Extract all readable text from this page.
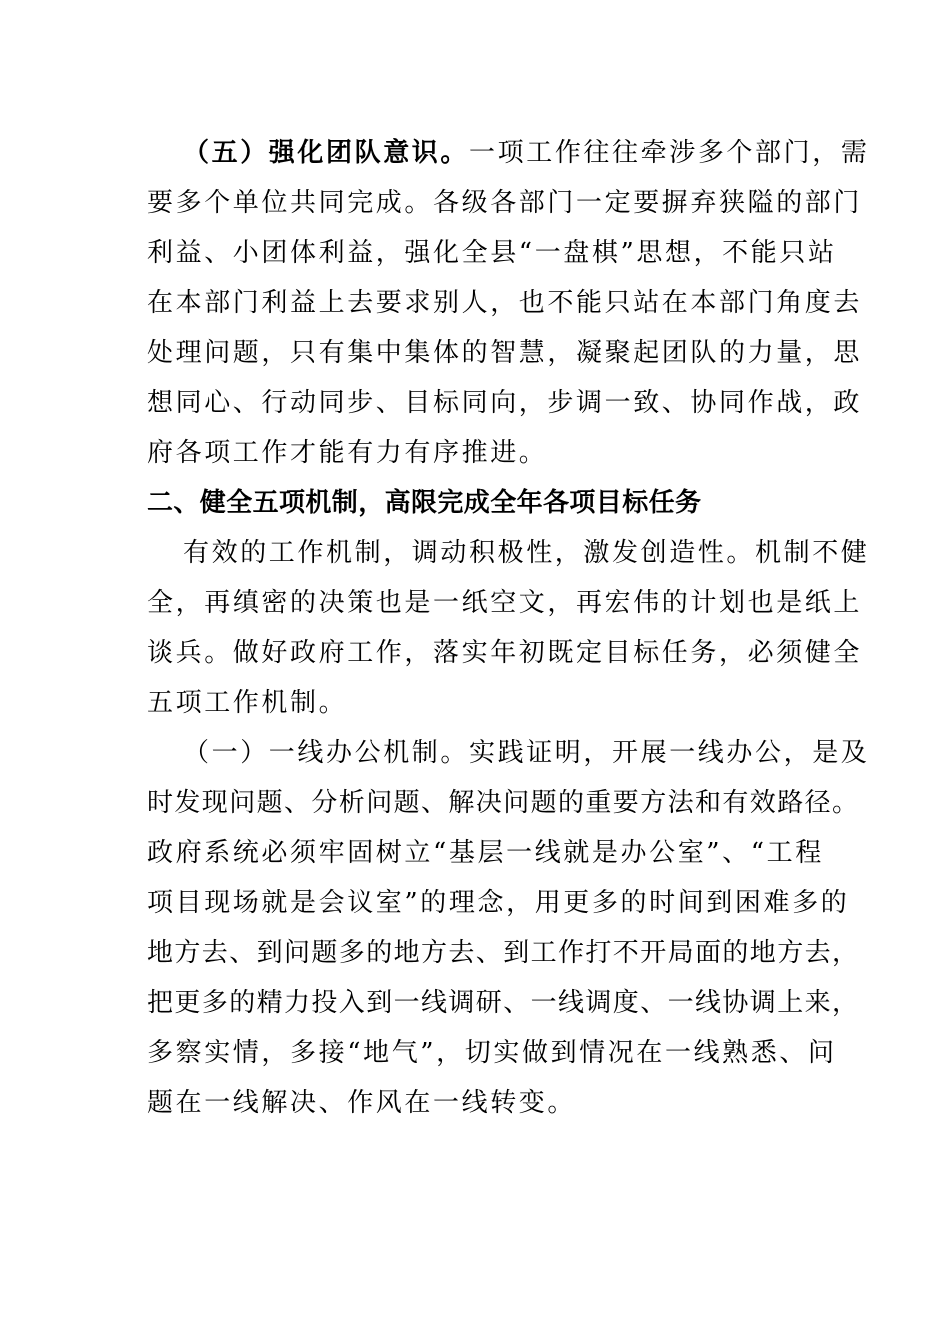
（五）强化团队意识。一项工作往往牵涉多个部门，需
要多个单位共同完成。各级各部门一定要摒弃狭隘的部门
利益、小团体利益，强化全县“一盘棋”思想，不能只站
在本部门利益上去要求别人，也不能只站在本部门角度去
处理问题，只有集中集体的智慧，凝聚起团队的力量，思
想同心、行动同步、目标同向，步调一致、协同作战，政
府各项工作才能有力有序推进。
二、健全五项机制，高限完成全年各项目标任务
有效的工作机制，调动积极性，激发创造性。机制不健
全，再缜密的决策也是一纸空文，再宏伟的计划也是纸上
谈兵。做好政府工作，落实年初既定目标任务，必须健全
五项工作机制。
（一）一线办公机制。实践证明，开展一线办公，是及
时发现问题、分析问题、解决问题的重要方法和有效路径。
政府系统必须牢固树立“基层一线就是办公室”、“工程
项目现场就是会议室”的理念，用更多的时间到困难多的
地方去、到问题多的地方去、到工作打不开局面的地方去，
把更多的精力投入到一线调研、一线调度、一线协调上来，
多察实情，多接“地气”，切实做到情况在一线熟悉、问
题在一线解决、作风在一线转变。
